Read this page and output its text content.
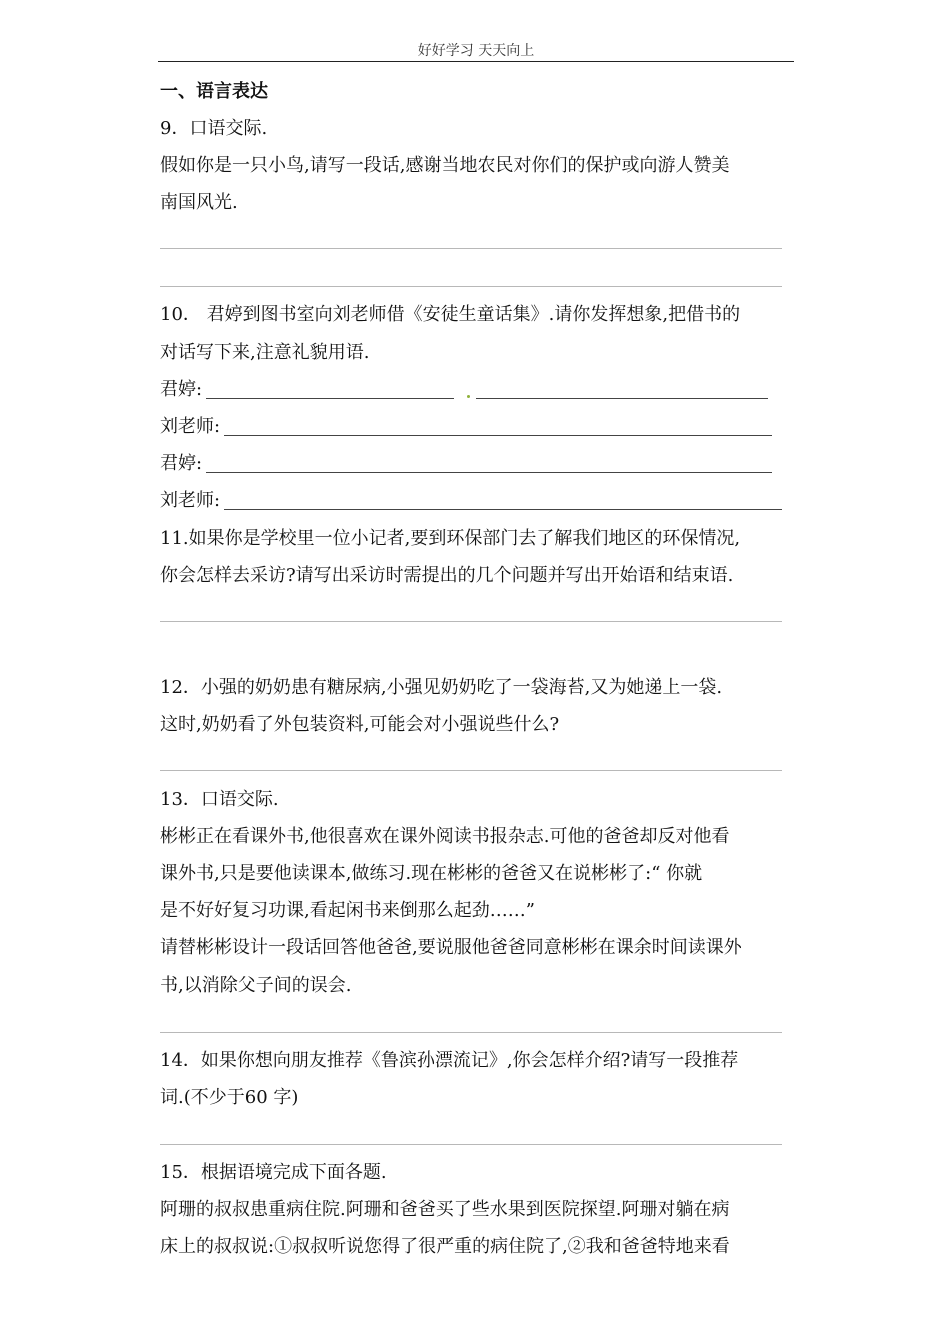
好好学习 天天向上
一、语言表达
9．口语交际.
假如你是一只小鸟,请写一段话,感谢当地农民对你们的保护或向游人赞美
南国风光.
10． 君婷到图书室向刘老师借《安徒生童话集》.请你发挥想象,把借书的
对话写下来,注意礼貌用语.
君婷:
刘老师:
君婷:
刘老师:
11.如果你是学校里一位小记者,要到环保部门去了解我们地区的环保情况,
你会怎样去采访?请写出采访时需提出的几个问题并写出开始语和结束语.
12．小强的奶奶患有糖尿病,小强见奶奶吃了一袋海苔,又为她递上一袋.
这时,奶奶看了外包装资料,可能会对小强说些什么?
13．口语交际.
彬彬正在看课外书,他很喜欢在课外阅读书报杂志.可他的爸爸却反对他看
课外书,只是要他读课本,做练习.现在彬彬的爸爸又在说彬彬了:“ 你就
是不好好复习功课,看起闲书来倒那么起劲……”
请替彬彬设计一段话回答他爸爸,要说服他爸爸同意彬彬在课余时间读课外
书,以消除父子间的误会.
14．如果你想向朋友推荐《鲁滨孙漂流记》,你会怎样介绍?请写一段推荐
词.(不少于60 字)
15．根据语境完成下面各题.
阿珊的叔叔患重病住院.阿珊和爸爸买了些水果到医院探望.阿珊对躺在病
床上的叔叔说:①叔叔听说您得了很严重的病住院了,②我和爸爸特地来看
